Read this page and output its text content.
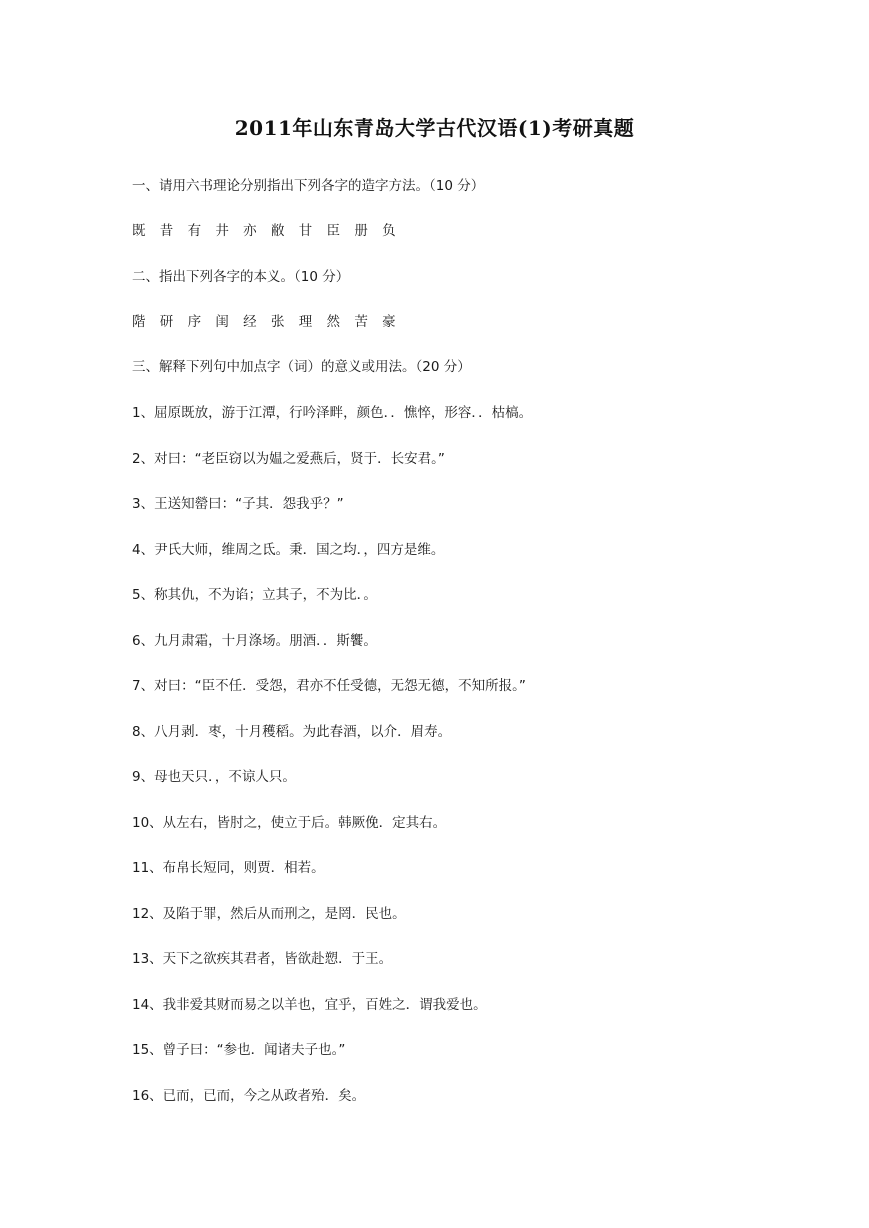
2011年山东青岛大学古代汉语(1)考研真题
一、请用六书理论分别指出下列各字的造字方法。（10 分）
既 昔 有 井 亦 敝 甘 臣 册 负
二、指出下列各字的本义。（10 分）
階 研 序 闺 经 张 理 然 苦 豪
三、解释下列句中加点字（词）的意义或用法。（20 分）
1、屈原既放，游于江潭，行吟泽畔，颜色．．憔悴，形容．．枯槁。
2、对曰：“老臣窃以为媪之爱燕后，贤于．长安君。”
3、王送知罃曰：“子其．怨我乎？”
4、尹氏大师，维周之氐。秉．国之均．，四方是维。
5、称其仇，不为谄；立其子，不为比．。
6、九月肃霜，十月涤场。朋酒．．斯饗。
7、对曰：“臣不任．受怨，君亦不任受德，无怨无德，不知所报。”
8、八月剥．枣，十月穫稻。为此春酒，以介．眉寿。
9、母也天只．，不谅人只。
10、从左右，皆肘之，使立于后。韩厥俛．定其右。
11、布帛长短同，则贾．相若。
12、及陷于罪，然后从而刑之，是罔．民也。
13、天下之欲疾其君者，皆欲赴愬．于王。
14、我非爱其财而易之以羊也，宜乎，百姓之．谓我爱也。
15、曾子曰：“参也．闻诸夫子也。”
16、已而，已而，今之从政者殆．矣。
